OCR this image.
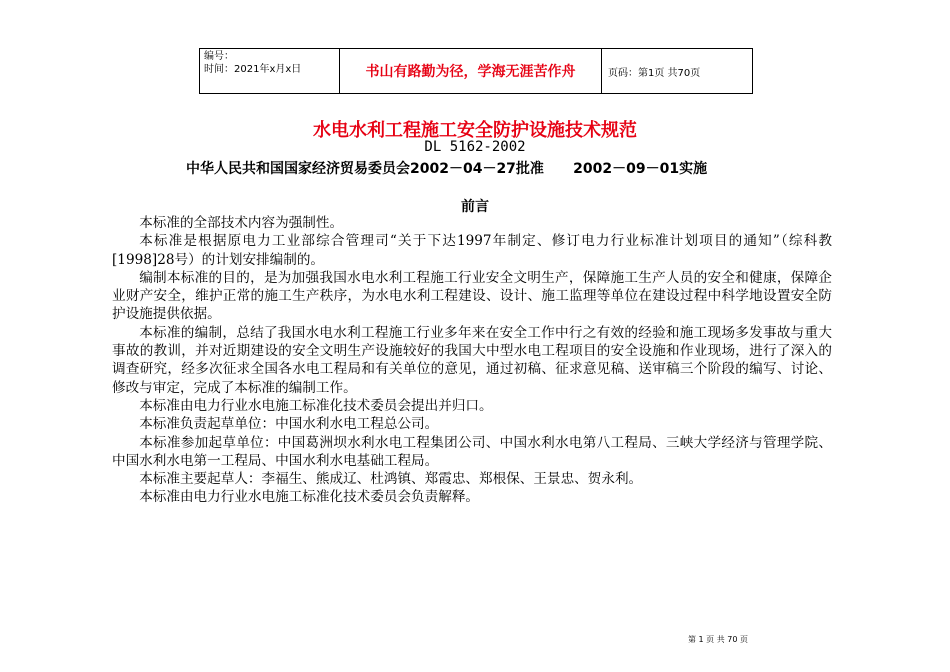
编号：
时间：2021年x月x日	书山有路勤为径，学海无涯苦作舟	页码：第1页 共70页
水电水利工程施工安全防护设施技术规范
DL 5162-2002
中华人民共和国国家经济贸易委员会2002－04－27批准      2002－09－01实施
前言

本标准的全部技术内容为强制性。

本标准是根据原电力工业部综合管理司“关于下达1997年制定、修订电力行业标准计划项目的通知”（综科教[1998]28号）的计划安排编制的。

编制本标准的目的，是为加强我国水电水利工程施工行业安全文明生产，保障施工生产人员的安全和健康，保障企业财产安全，维护正常的施工生产秩序，为水电水利工程建设、设计、施工监理等单位在建设过程中科学地设置安全防护设施提供依据。

本标准的编制，总结了我国水电水利工程施工行业多年来在安全工作中行之有效的经验和施工现场多发事故与重大事故的教训，并对近期建设的安全文明生产设施较好的我国大中型水电工程项目的安全设施和作业现场，进行了深入的调查研究，经多次征求全国各水电工程局和有关单位的意见，通过初稿、征求意见稿、送审稿三个阶段的编写、讨论、修改与审定，完成了本标准的编制工作。

本标准由电力行业水电施工标准化技术委员会提出并归口。

本标准负责起草单位：中国水利水电工程总公司。

本标准参加起草单位：中国葛洲坝水利水电工程集团公司、中国水利水电第八工程局、三峡大学经济与管理学院、中国水利水电第一工程局、中国水利水电基础工程局。

本标准主要起草人：李福生、熊成辽、杜鸿镇、郑霞忠、郑根保、王景忠、贺永利。

本标准由电力行业水电施工标准化技术委员会负责解释。

第 1 页 共 70 页
